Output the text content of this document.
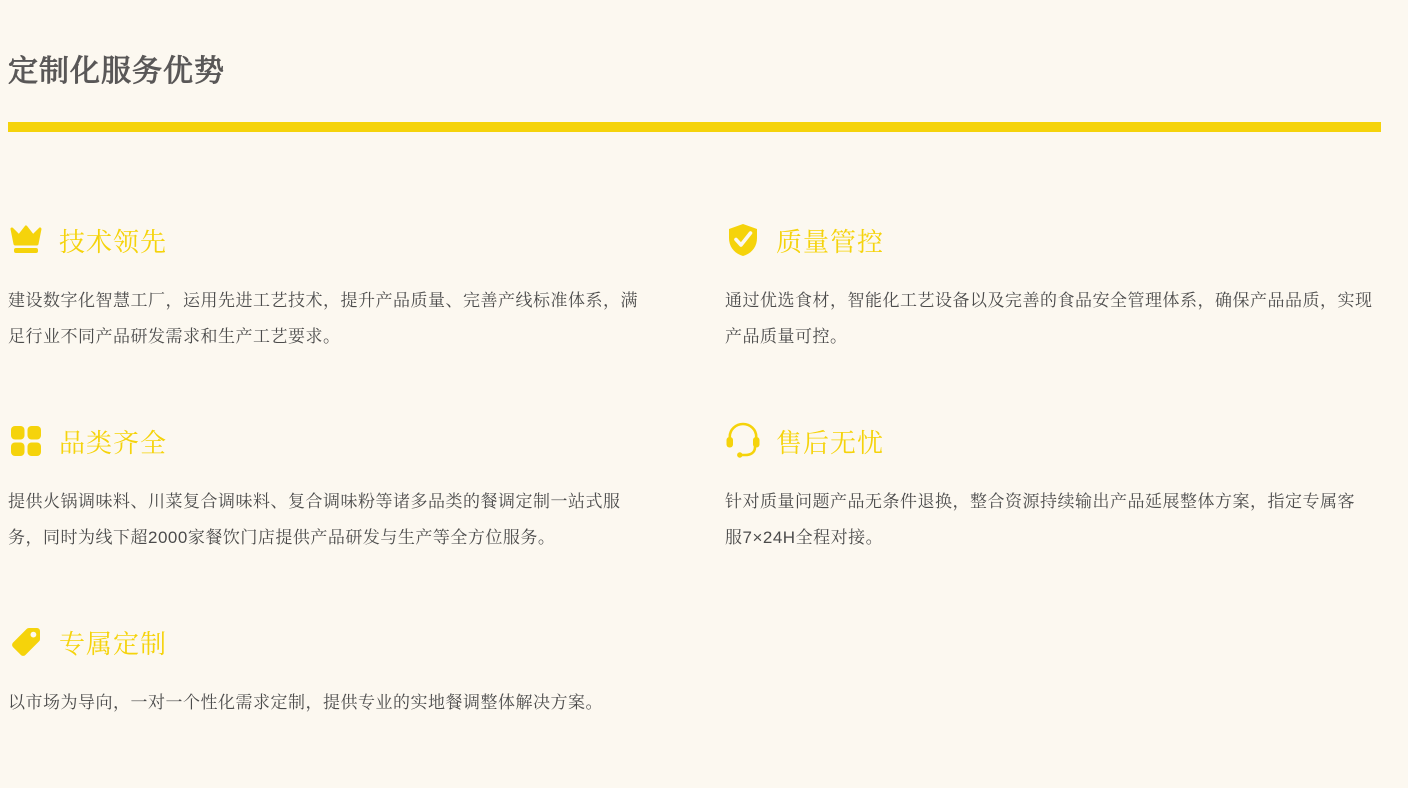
定制化服务优势
技术领先
建设数字化智慧工厂，运用先进工艺技术，提升产品质量、完善产线标准体系，满
足行业不同产品研发需求和生产工艺要求。
质量管控
通过优选食材，智能化工艺设备以及完善的食品安全管理体系，确保产品品质，实现
产品质量可控。
品类齐全
提供火锅调味料、川菜复合调味料、复合调味粉等诸多品类的餐调定制一站式服
务，同时为线下超2000家餐饮门店提供产品研发与生产等全方位服务。
售后无忧
针对质量问题产品无条件退换，整合资源持续输出产品延展整体方案，指定专属客
服7×24H全程对接。
专属定制
以市场为导向，一对一个性化需求定制，提供专业的实地餐调整体解决方案。
